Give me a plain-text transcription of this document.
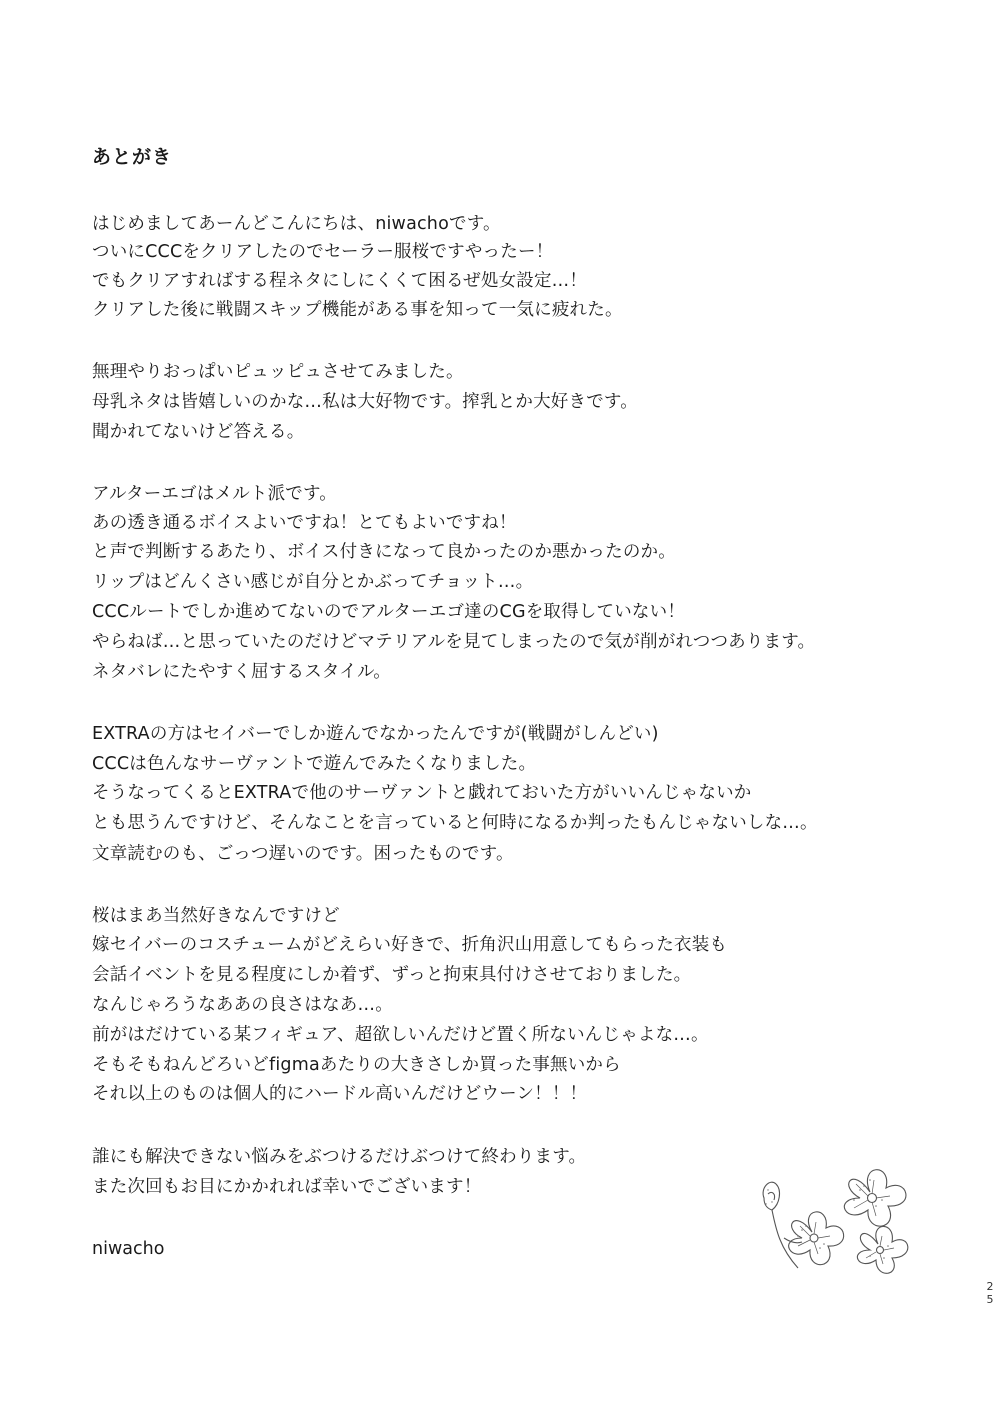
あとがき
はじめましてあーんどこんにちは、niwachoです。
ついにCCCをクリアしたのでセーラー服桜ですやったー！
でもクリアすればする程ネタにしにくくて困るぜ処女設定…！
クリアした後に戦闘スキップ機能がある事を知って一気に疲れた。
無理やりおっぱいピュッピュさせてみました。
母乳ネタは皆嬉しいのかな…私は大好物です。搾乳とか大好きです。
聞かれてないけど答える。
アルターエゴはメルト派です。
あの透き通るボイスよいですね！とてもよいですね！
と声で判断するあたり、ボイス付きになって良かったのか悪かったのか。
リップはどんくさい感じが自分とかぶってチョット…。
CCCルートでしか進めてないのでアルターエゴ達のCGを取得していない！
やらねば…と思っていたのだけどマテリアルを見てしまったので気が削がれつつあります。
ネタバレにたやすく屈するスタイル。
EXTRAの方はセイバーでしか遊んでなかったんですが(戦闘がしんどい)
CCCは色んなサーヴァントで遊んでみたくなりました。
そうなってくるとEXTRAで他のサーヴァントと戯れておいた方がいいんじゃないか
とも思うんですけど、そんなことを言っていると何時になるか判ったもんじゃないしな…。
文章読むのも、ごっつ遅いのです。困ったものです。
桜はまあ当然好きなんですけど
嫁セイバーのコスチュームがどえらい好きで、折角沢山用意してもらった衣装も
会話イベントを見る程度にしか着ず、ずっと拘束具付けさせておりました。
なんじゃろうなああの良さはなあ…。
前がはだけている某フィギュア、超欲しいんだけど置く所ないんじゃよな…。
そもそもねんどろいどfigmaあたりの大きさしか買った事無いから
それ以上のものは個人的にハードル高いんだけどウーン！！！
誰にも解決できない悩みをぶつけるだけぶつけて終わります。
また次回もお目にかかれれば幸いでございます！
niwacho
25
